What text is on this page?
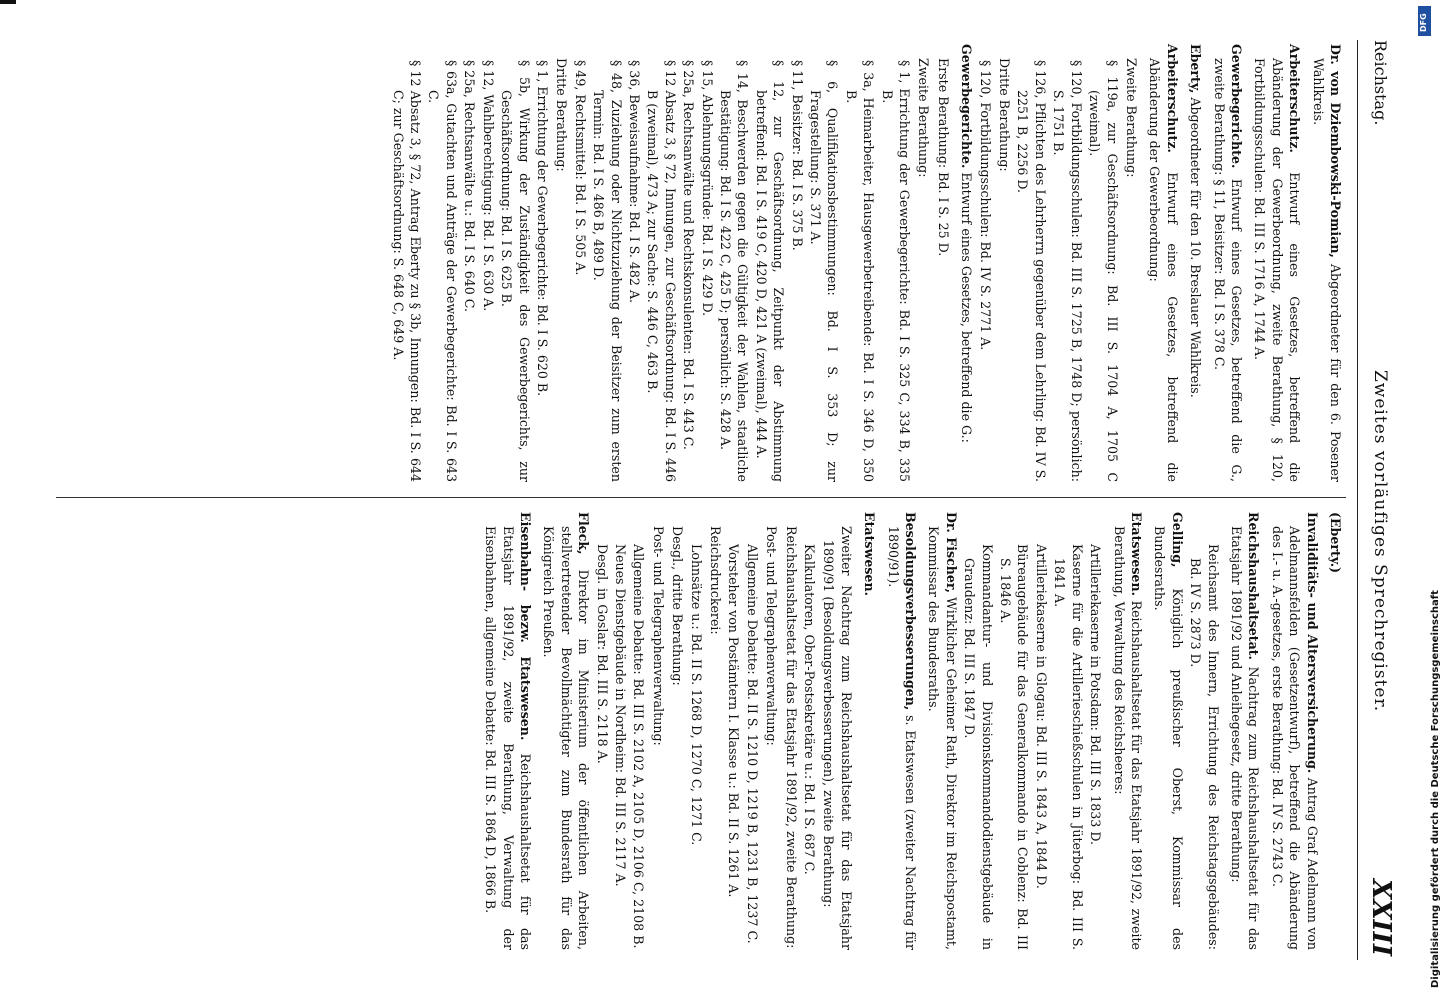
Reichstag.
Zweites vorläufiges Sprechregister.
XXIII

Dr. von Dziembowski-Pomian, Abgeordneter für den 6. Posener Wahlkreis.

Arbeiterschutz. Entwurf eines Gesetzes, betreffend die Abänderung der Gewerbeordnung, zweite Berathung, § 120, Fortbildungsschulen: Bd. III S. 1716 A, 1744 A.

Gewerbegerichte. Entwurf eines Gesetzes, betreffend die G., zweite Berathung: § 11, Beisitzer: Bd. I S. 378 C.

Eberty, Abgeordneter für den 10. Breslauer Wahlkreis.

Arbeiterschutz. Entwurf eines Gesetzes, betreffend die Abänderung der Gewerbeordnung:

Zweite Berathung:

§ 119a, zur Geschäftsordnung: Bd. III S. 1704 A, 1705 C (zweimal).

§ 120, Fortbildungsschulen: Bd. III S. 1725 B, 1748 D; persönlich: S. 1751 B.

§ 126, Pflichten des Lehrherrn gegenüber dem Lehrling: Bd. IV S. 2251 B, 2256 D.

Dritte Berathung:

§ 120, Fortbildungsschulen: Bd. IV S. 2771 A.

Gewerbegerichte. Entwurf eines Gesetzes, betreffend die G.:

Erste Berathung: Bd. I S. 25 D.

Zweite Berathung:

§ 1, Errichtung der Gewerbegerichte: Bd. I S. 325 C, 334 B, 335 B.

§ 3a, Heimarbeiter, Hausgewerbetreibende: Bd. I S. 346 D, 350 B.

§ 6, Qualifikationsbestimmungen: Bd. I S. 353 D; zur Fragestellung: S. 371 A.

§ 11, Beisitzer: Bd. I S. 375 B.

§ 12, zur Geschäftsordnung, Zeitpunkt der Abstimmung betreffend: Bd. I S. 419 C, 420 D, 421 A (zweimal), 444 A.

§ 14, Beschwerden gegen die Gültigkeit der Wahlen, staatliche Bestätigung: Bd. I S. 422 C, 425 D; persönlich: S. 428 A.

§ 15, Ablehnungsgründe: Bd. I S. 429 D.

§ 25a, Rechtsanwälte und Rechtskonsulenten: Bd. I S. 443 C.

§ 12 Absatz 3, § 72, Innungen, zur Geschäftsordnung: Bd. I S. 446 B (zweimal), 473 A; zur Sache: S. 446 C, 463 B.

§ 36, Beweisaufnahme: Bd. I S. 482 A.

§ 48, Zuziehung oder Nichtzuziehung der Beisitzer zum ersten Termin: Bd. I S. 486 B, 489 D.

§ 49, Rechtsmittel: Bd. I S. 505 A.

Dritte Berathung:

§ 1, Errichtung der Gewerbegerichte: Bd. I S. 620 B.

§ 5b, Wirkung der Zuständigkeit des Gewerbegerichts, zur Geschäftsordnung: Bd. I S. 625 B.

§ 12, Wahlberechtigung: Bd. I S. 630 A.

§ 25a, Rechtsanwälte u.: Bd. I S. 640 C.

§ 63a, Gutachten und Anträge der Gewerbegerichte: Bd. I S. 643 C.

§ 12 Absatz 3, § 72, Antrag Eberty zu § 3b, Innungen: Bd. I S. 644 C; zur Geschäftsordnung: S. 648 C, 649 A.

(Eberty.)

Invaliditäts- und Altersversicherung. Antrag Graf Adelmann von Adelmannsfelden (Gesetzentwurf), betreffend die Abänderung des I.- u. A.-gesetzes, erste Berathung: Bd. IV S. 2743 C.

Reichshaushaltsetat. Nachtrag zum Reichshaushaltsetat für das Etatsjahr 1891/92 und Anleihegesetz, dritte Berathung:

Reichsamt des Innern, Errichtung des Reichstagsgebäudes: Bd. IV S. 2873 D.

Gelling, Königlich preußischer Oberst, Kommissar des Bundesraths.

Etatswesen. Reichshaushaltsetat für das Etatsjahr 1891/92, zweite Berathung, Verwaltung des Reichsheeres:

Artilleriekaserne in Potsdam: Bd. III S. 1833 D.

Kaserne für die Artillerieschießschulen in Jüterbog: Bd. III S. 1841 A.

Artilleriekaserne in Glogau: Bd. III S. 1843 A, 1844 D.

Büreaugebäude für das Generalkommando in Coblenz: Bd. III S. 1846 A.

Kommandantur- und Divisionskommandodienstgebäude in Graudenz: Bd. III S. 1847 D.

Dr. Fischer, Wirklicher Geheimer Rath, Direktor im Reichspostamt, Kommissar des Bundesraths.

Besoldungsverbesserungen, s. Etatswesen (zweiter Nachtrag für 1890/91).

Etatswesen.

Zweiter Nachtrag zum Reichshaushaltsetat für das Etatsjahr 1890/91 (Besoldungsverbesserungen), zweite Berathung:

Kalkulatoren, Ober-Postsekretäre u.: Bd. I S. 687 C.

Reichshaushaltsetat für das Etatsjahr 1891/92, zweite Berathung:

Post- und Telegraphenverwaltung:

Allgemeine Debatte: Bd. II S. 1210 D, 1219 B, 1231 B, 1237 C.

Vorsteher von Postämtern I. Klasse u.: Bd. II S. 1261 A.

Reichsdruckerei:

Lohnsätze u.: Bd. II S. 1268 D, 1270 C, 1271 C.

Desgl., dritte Berathung:

Post- und Telegraphenverwaltung:

Allgemeine Debatte: Bd. III S. 2102 A, 2105 D, 2106 C, 2108 B.

Neues Dienstgebäude in Nordheim: Bd. III S. 2117 A.

Desgl. in Goslar: Bd. III S. 2118 A.

Fleck, Direktor im Ministerium der öffentlichen Arbeiten, stellvertretender Bevollmächtigter zum Bundesrath für das Königreich Preußen.

Eisenbahn- bezw. Etatswesen. Reichshaushaltsetat für das Etatsjahr 1891/92, zweite Berathung, Verwaltung der Eisenbahnen, allgemeine Debatte: Bd. III S. 1864 D, 1866 B.

DFG
Digitalisierung gefördert durch die Deutsche Forschungsgemeinschaft
